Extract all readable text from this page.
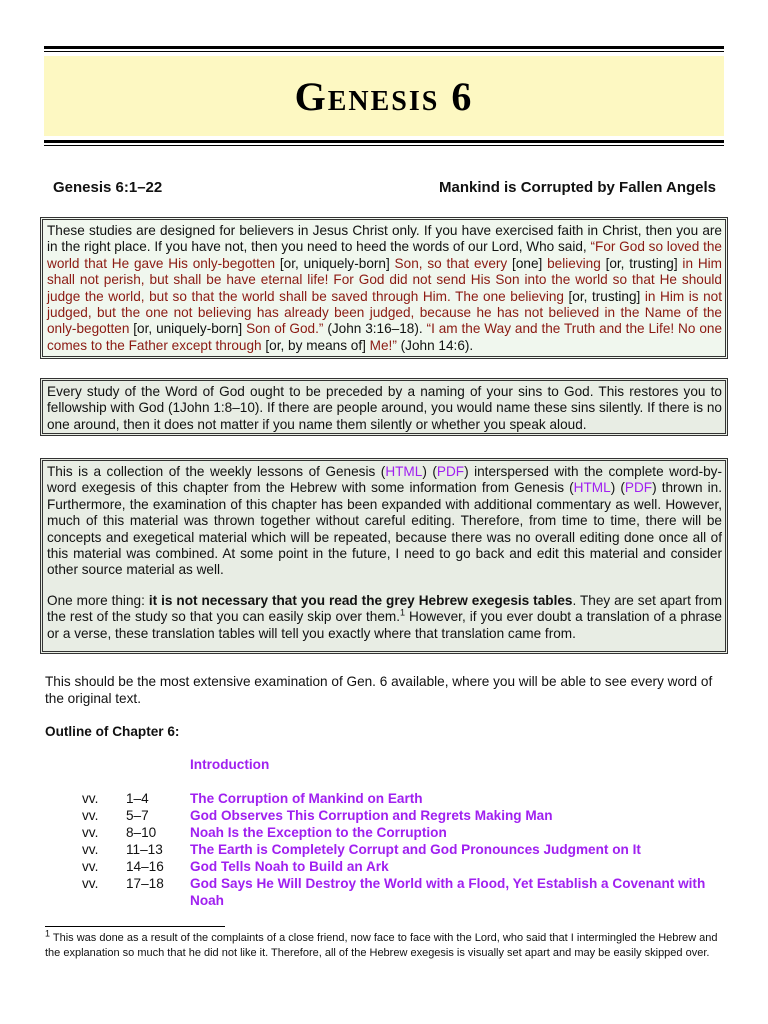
Genesis 6
Genesis 6:1–22	Mankind is Corrupted by Fallen Angels
These studies are designed for believers in Jesus Christ only. If you have exercised faith in Christ, then you are in the right place. If you have not, then you need to heed the words of our Lord, Who said, “For God so loved the world that He gave His only-begotten [or, uniquely-born] Son, so that every [one] believing [or, trusting] in Him shall not perish, but shall be have eternal life! For God did not send His Son into the world so that He should judge the world, but so that the world shall be saved through Him. The one believing [or, trusting] in Him is not judged, but the one not believing has already been judged, because he has not believed in the Name of the only-begotten [or, uniquely-born] Son of God.” (John 3:16–18). “I am the Way and the Truth and the Life! No one comes to the Father except through [or, by means of] Me!” (John 14:6).
Every study of the Word of God ought to be preceded by a naming of your sins to God. This restores you to fellowship with God (1John 1:8–10). If there are people around, you would name these sins silently. If there is no one around, then it does not matter if you name them silently or whether you speak aloud.

This is a collection of the weekly lessons of Genesis (HTML) (PDF) interspersed with the complete word-by-word exegesis of this chapter from the Hebrew with some information from Genesis (HTML) (PDF) thrown in. Furthermore, the examination of this chapter has been expanded with additional commentary as well. However, much of this material was thrown together without careful editing. Therefore, from time to time, there will be concepts and exegetical material which will be repeated, because there was no overall editing done once all of this material was combined. At some point in the future, I need to go back and edit this material and consider other source material as well.

One more thing: it is not necessary that you read the grey Hebrew exegesis tables. They are set apart from the rest of the study so that you can easily skip over them.$^1$ However, if you ever doubt a translation of a phrase or a verse, these translation tables will tell you exactly where that translation came from.

This should be the most extensive examination of Gen. 6 available, where you will be able to see every word of the original text.
Outline of Chapter 6:
Introduction
vv.	1–4	The Corruption of Mankind on Earth
vv.	5–7	God Observes This Corruption and Regrets Making Man
vv.	8–10	Noah Is the Exception to the Corruption
vv.	11–13	The Earth is Completely Corrupt and God Pronounces Judgment on It
vv.	14–16	God Tells Noah to Build an Ark
vv.	17–18	God Says He Will Destroy the World with a Flood, Yet Establish a Covenant with Noah
$^1$ This was done as a result of the complaints of a close friend, now face to face with the Lord, who said that I intermingled the Hebrew and the explanation so much that he did not like it. Therefore, all of the Hebrew exegesis is visually set apart and may be easily skipped over.
